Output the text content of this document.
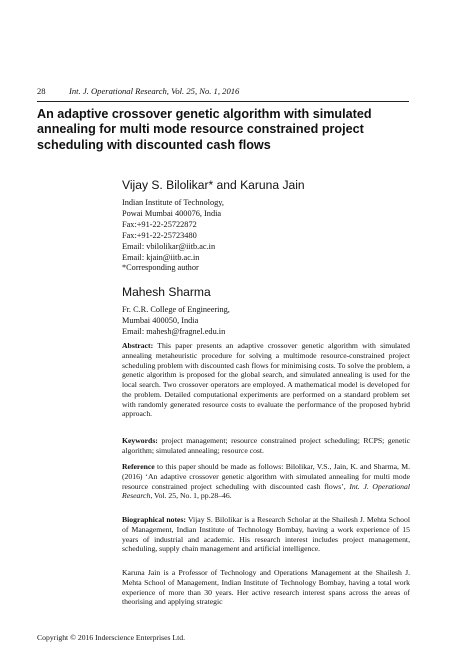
28	Int. J. Operational Research, Vol. 25, No. 1, 2016
An adaptive crossover genetic algorithm with simulated annealing for multi mode resource constrained project scheduling with discounted cash flows
Vijay S. Bilolikar* and Karuna Jain
Indian Institute of Technology,
Powai Mumbai 400076, India
Fax:+91-22-25722872
Fax:+91-22-25723480
Email: vbilolikar@iitb.ac.in
Email: kjain@iitb.ac.in
*Corresponding author
Mahesh Sharma
Fr. C.R. College of Engineering,
Mumbai 400050, India
Email: mahesh@fragnel.edu.in
Abstract: This paper presents an adaptive crossover genetic algorithm with simulated annealing metaheuristic procedure for solving a multimode resource-constrained project scheduling problem with discounted cash flows for minimising costs. To solve the problem, a genetic algorithm is proposed for the global search, and simulated annealing is used for the local search. Two crossover operators are employed. A mathematical model is developed for the problem. Detailed computational experiments are performed on a standard problem set with randomly generated resource costs to evaluate the performance of the proposed hybrid approach.
Keywords: project management; resource constrained project scheduling; RCPS; genetic algorithm; simulated annealing; resource cost.
Reference to this paper should be made as follows: Bilolikar, V.S., Jain, K. and Sharma, M. (2016) ‘An adaptive crossover genetic algorithm with simulated annealing for multi mode resource constrained project scheduling with discounted cash flows’, Int. J. Operational Research, Vol. 25, No. 1, pp.28–46.
Biographical notes: Vijay S. Bilolikar is a Research Scholar at the Shailesh J. Mehta School of Management, Indian Institute of Technology Bombay, having a work experience of 15 years of industrial and academic. His research interest includes project management, scheduling, supply chain management and artificial intelligence.
Karuna Jain is a Professor of Technology and Operations Management at the Shailesh J. Mehta School of Management, Indian Institute of Technology Bombay, having a total work experience of more than 30 years. Her active research interest spans across the areas of theorising and applying strategic
Copyright © 2016 Inderscience Enterprises Ltd.
